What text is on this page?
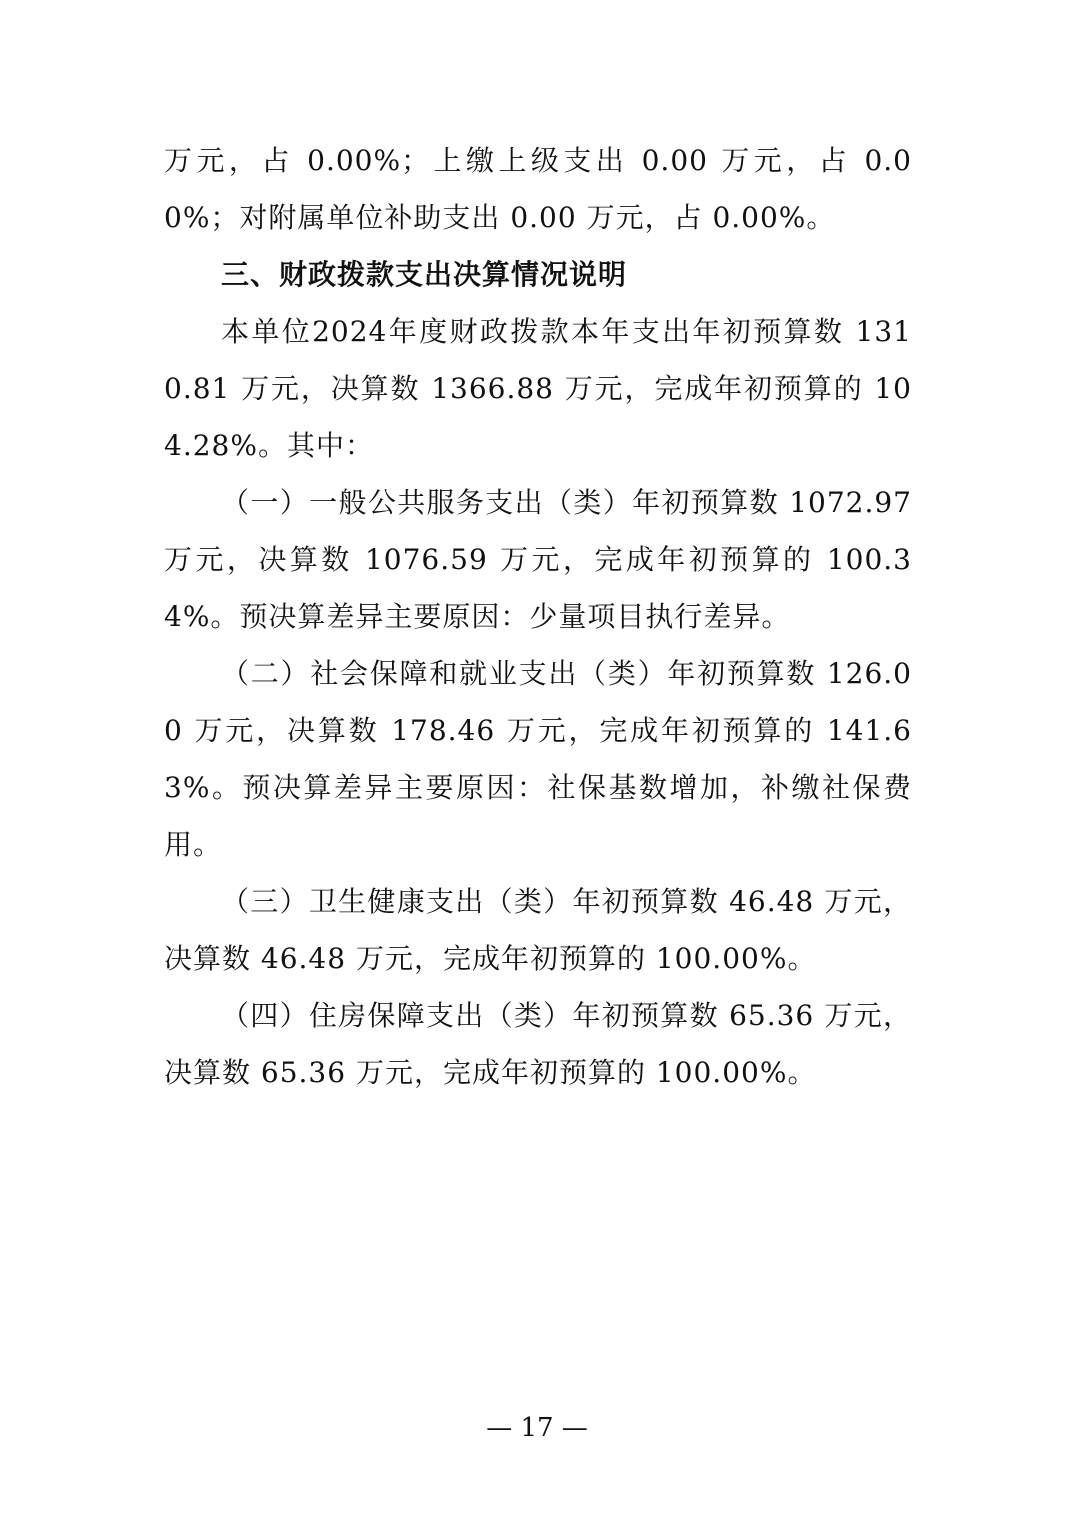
万元，占 0.00%；上缴上级支出 0.00 万元，占 0.00%；对附属单位补助支出 0.00 万元，占 0.00%。

三、财政拨款支出决算情况说明

本单位2024年度财政拨款本年支出年初预算数 1310.81 万元，决算数 1366.88 万元，完成年初预算的 104.28%。其中：

（一）一般公共服务支出（类）年初预算数 1072.97 万元，决算数 1076.59 万元，完成年初预算的 100.34%。预决算差异主要原因：少量项目执行差异。

（二）社会保障和就业支出（类）年初预算数 126.00 万元，决算数 178.46 万元，完成年初预算的 141.63%。预决算差异主要原因：社保基数增加，补缴社保费用。

（三）卫生健康支出（类）年初预算数 46.48 万元，决算数 46.48 万元，完成年初预算的 100.00%。

（四）住房保障支出（类）年初预算数 65.36 万元，决算数 65.36 万元，完成年初预算的 100.00%。

— 17 —
